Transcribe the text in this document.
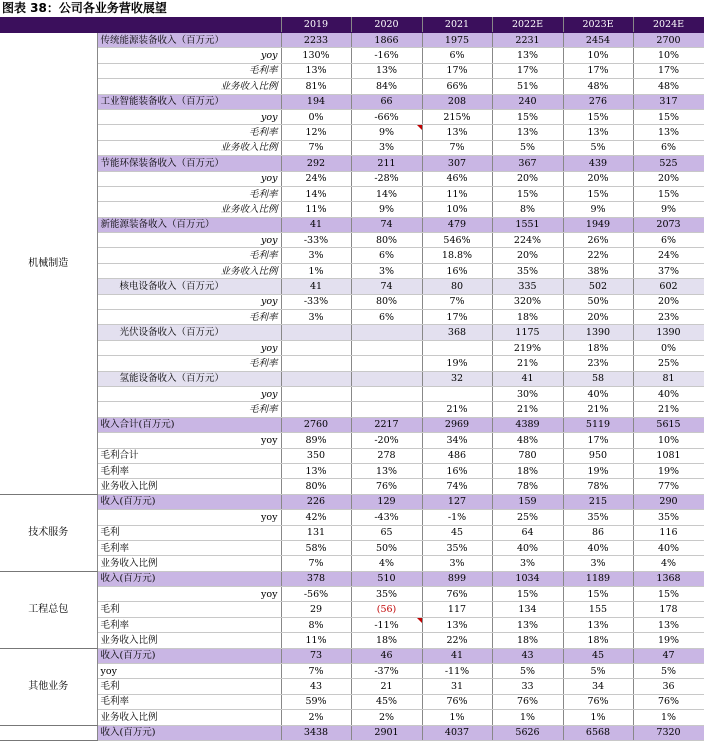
图表 38：公司各业务营收展望
		2019	2020	2021	2022E	2023E	2024E
机械制造	传统能源装备收入（百万元）	2233	1866	1975	2231	2454	2700
	yoy	130%	-16%	6%	13%	10%	10%
	毛利率	13%	13%	17%	17%	17%	17%
	业务收入比例	81%	84%	66%	51%	48%	48%
	工业智能装备收入（百万元）	194	66	208	240	276	317
	yoy	0%	-66%	215%	15%	15%	15%
	毛利率	12%	9%	13%	13%	13%	13%
	业务收入比例	7%	3%	7%	5%	5%	6%
	节能环保装备收入（百万元）	292	211	307	367	439	525
	yoy	24%	-28%	46%	20%	20%	20%
	毛利率	14%	14%	11%	15%	15%	15%
	业务收入比例	11%	9%	10%	8%	9%	9%
	新能源装备收入（百万元）	41	74	479	1551	1949	2073
	yoy	-33%	80%	546%	224%	26%	6%
	毛利率	3%	6%	18.8%	20%	22%	24%
	业务收入比例	1%	3%	16%	35%	38%	37%
	核电设备收入（百万元）	41	74	80	335	502	602
	yoy	-33%	80%	7%	320%	50%	20%
	毛利率	3%	6%	17%	18%	20%	23%
	光伏设备收入（百万元）			368	1175	1390	1390
	yoy				219%	18%	0%
	毛利率			19%	21%	23%	25%
	氢能设备收入（百万元）			32	41	58	81
	yoy				30%	40%	40%
	毛利率			21%	21%	21%	21%
	收入合计(百万元)	2760	2217	2969	4389	5119	5615
	yoy	89%	-20%	34%	48%	17%	10%
	毛利合计	350	278	486	780	950	1081
	毛利率	13%	13%	16%	18%	19%	19%
	业务收入比例	80%	76%	74%	78%	78%	77%
技术服务	收入(百万元)	226	129	127	159	215	290
	yoy	42%	-43%	-1%	25%	35%	35%
	毛利	131	65	45	64	86	116
	毛利率	58%	50%	35%	40%	40%	40%
	业务收入比例	7%	4%	3%	3%	3%	4%
工程总包	收入(百万元)	378	510	899	1034	1189	1368
	yoy	-56%	35%	76%	15%	15%	15%
	毛利	29	(56)	117	134	155	178
	毛利率	8%	-11%	13%	13%	13%	13%
	业务收入比例	11%	18%	22%	18%	18%	19%
其他业务	收入(百万元)	73	46	41	43	45	47
	yoy	7%	-37%	-11%	5%	5%	5%
	毛利	43	21	31	33	34	36
	毛利率	59%	45%	76%	76%	76%	76%
	业务收入比例	2%	2%	1%	1%	1%	1%
	收入(百万元)	3438	2901	4037	5626	6568	7320
